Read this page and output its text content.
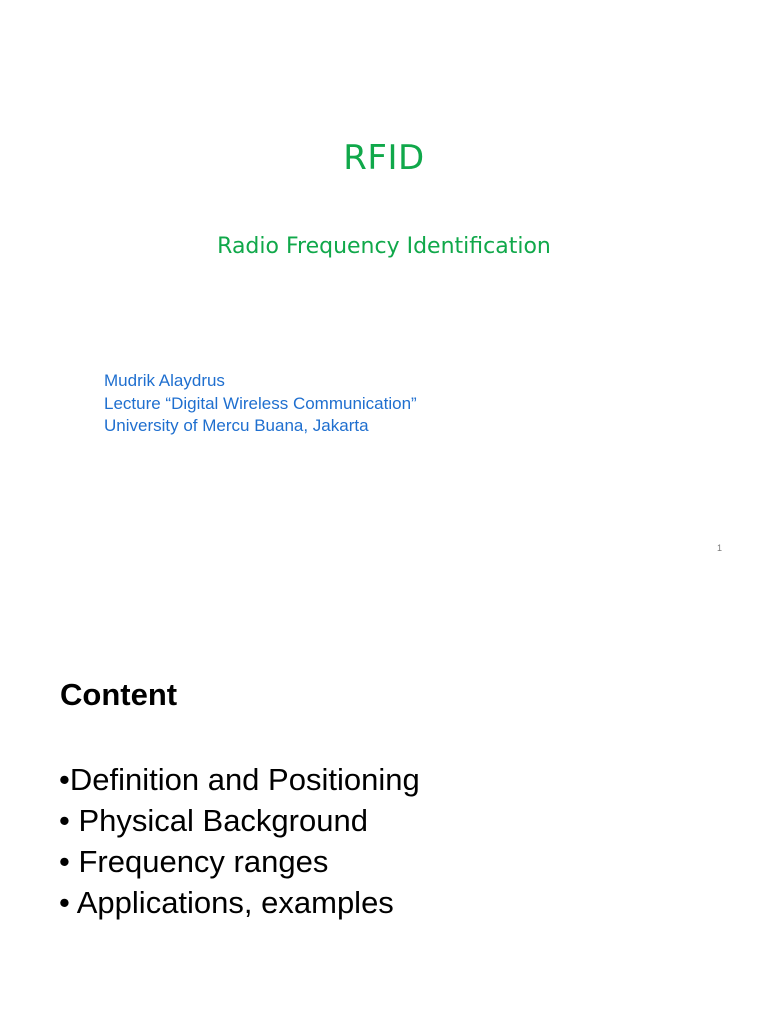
RFID
Radio Frequency Identification
Mudrik Alaydrus
Lecture “Digital Wireless Communication”
University of Mercu Buana, Jakarta
1
Content
•Definition and Positioning
• Physical Background
• Frequency ranges
• Applications, examples
